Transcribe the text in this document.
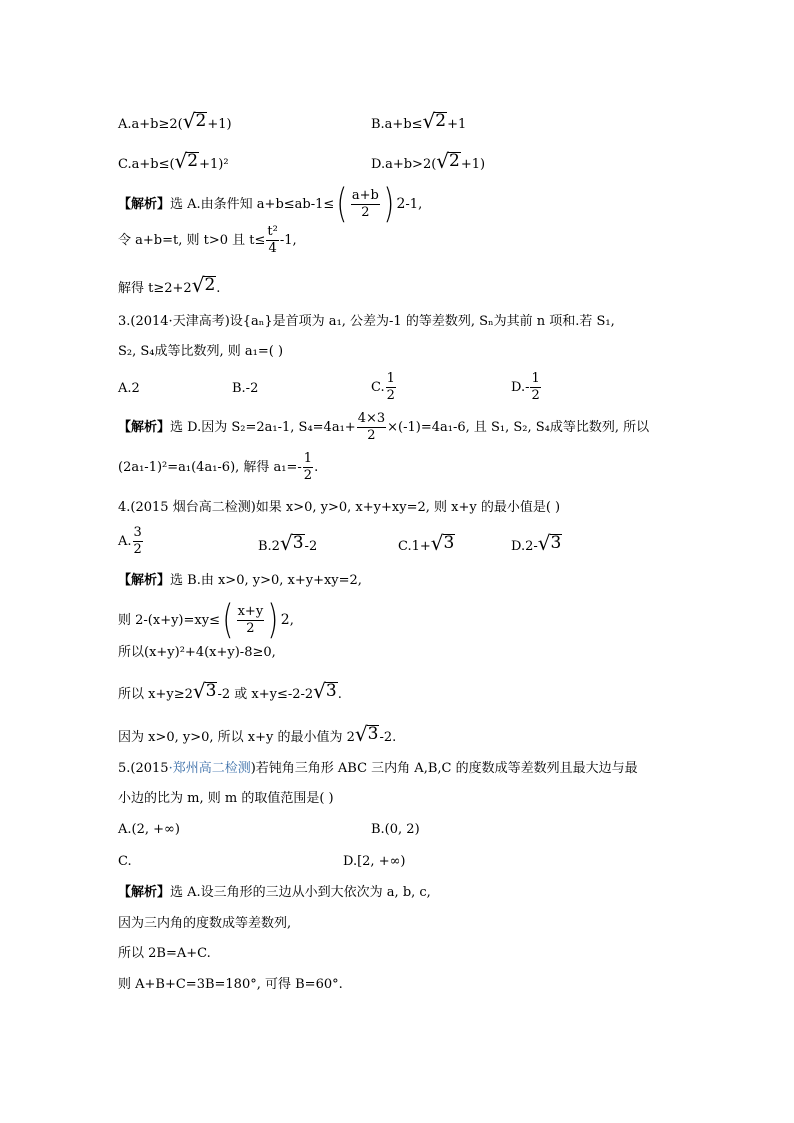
A.a+b≥2( √ 2 +1)	B.a+b≤ √ 2 +1
C.a+b≤( √ 2 +1)²	D.a+b>2( √ 2 +1)
【解析】 选 A.由条件知 a+b≤ab-1≤ ( $\frac{a+b}{2}$ ) 2 -1,
令 a+b=t, 则 t>0 且 $t\le \frac{\text{t²}}{4} -1$,
解得 t≥2+2 √ 2 .
3.(2014·天津高考)设{aₙ}是首项为 a₁, 公差为-1 的等差数列, Sₙ为其前 n 项和.若 S₁,
S₂, S₄成等比数列, 则 a₁=( )
A.2	B.-2	C. $\frac{1}{2}$	$D.- \frac{1}{2}$
【解析】 选 D.因为 S₂=2a₁-1, $S_4=4a_1+ \frac{4\times 3}{2} \times(-1)=4a_1-6$, 且 S₁, S₂, S₄成等比数列, 所以
(2a₁-1)²=a₁(4a₁-6), 解得 $a_1=- \frac{1}{2}$ .
4.(2015 烟台高二检测)如果 x>0, y>0, x+y+xy=2, 则 x+y 的最小值是( )
A. $\frac{3}{2}$	B.2 √ 3 -2	C.1+ √ 3	D.2- √ 3
【解析】选 B.由 x>0, y>0, x+y+xy=2,
则 2-(x+y)=xy≤ ( $\frac{x+y}{2}$ ) 2 ,
所以(x+y)²+4(x+y)-8≥0,
所以 x+y≥2 √ 3 -2 或 x+y≤-2-2 √ 3 .
因为 x>0, y>0, 所以 x+y 的最小值为 2 √ 3 -2.
5.(2015·郑州高二检测)若钝角三角形 ABC 三内角 A,B,C 的度数成等差数列且最大边与最
小边的比为 m, 则 m 的取值范围是( )
A.(2, +∞)	B.(0, 2)
C.	D.[2, +∞)
【解析】选 A.设三角形的三边从小到大依次为 a, b, c,
因为三内角的度数成等差数列,
所以 2B=A+C.
则 A+B+C=3B=180°, 可得 B=60°.
